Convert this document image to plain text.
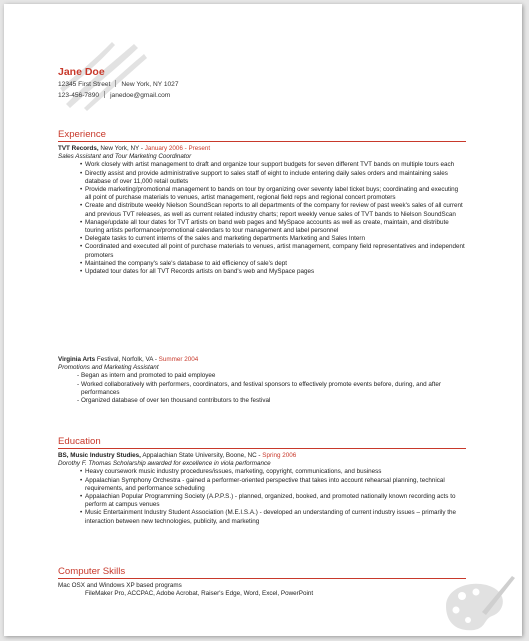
Jane Doe
12345 First Street New York, NY 1027
123-456-7890 janedoe@gmail.com
Experience
TVT Records, New York, NY - January 2006 - Present
Sales Assistant and Tour Marketing Coordinator
• Work closely with artist management to draft and organize tour support budgets for seven different TVT bands on multiple tours each
• Directly assist and provide administrative support to sales staff of eight to include entering daily sales orders and maintaining sales database of over 11,000 retail outlets
• Provide marketing/promotional management to bands on tour by organizing over seventy label ticket buys; coordinating and executing all point of purchase materials to venues, artist management, regional field reps and regional concert promoters
• Create and distribute weekly Nielson SoundScan reports to all departments of the company for review of past week's sales of all current and previous TVT releases, as well as current related industry charts; report weekly venue sales of TVT bands to Nielson SoundScan
• Manage/update all tour dates for TVT artists on band web pages and MySpace accounts as well as create, maintain, and distribute touring artists performance/promotional calendars to tour management and label personnel
• Delegate tasks to current interns of the sales and marketing departments Marketing and Sales Intern
• Coordinated and executed all point of purchase materials to venues, artist management, company field representatives and independent promoters
• Maintained the company's sale's database to aid efficiency of sale's dept
• Updated tour dates for all TVT Records artists on band's web and MySpace pages
Virginia Arts Festival, Norfolk, VA - Summer 2004
Promotions and Marketing Assistant
- Began as intern and promoted to paid employee
- Worked collaboratively with performers, coordinators, and festival sponsors to effectively promote events before, during, and after performances
- Organized database of over ten thousand contributors to the festival
Education
BS, Music Industry Studies, Appalachian State University, Boone, NC - Spring 2006
Dorothy F. Thomas Scholarship awarded for excellence in viola performance
• Heavy coursework music industry procedures/issues, marketing, copyright, communications, and business
• Appalachian Symphony Orchestra - gained a performer-oriented perspective that takes into account rehearsal planning, technical requirements, and performance scheduling
• Appalachian Popular Programming Society (A.P.P.S.) - planned, organized, booked, and promoted nationally known recording acts to perform at campus venues
• Music Entertainment Industry Student Association (M.E.I.S.A.) - developed an understanding of current industry issues – primarily the interaction between new technologies, publicity, and marketing
Computer Skills
Mac OSX and Windows XP based programs
FileMaker Pro, ACCPAC, Adobe Acrobat, Raiser's Edge, Word, Excel, PowerPoint
